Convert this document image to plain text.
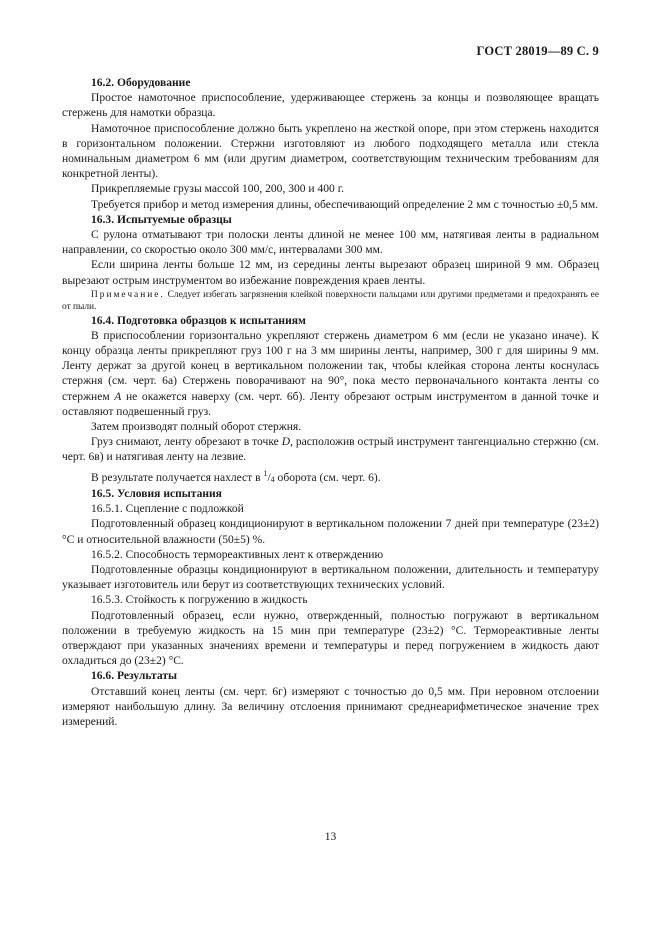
ГОСТ 28019—89 С. 9

16.2. Оборудование

Простое намоточное приспособление, удерживающее стержень за концы и позволяющее вращать стержень для намотки образца.

Намоточное приспособление должно быть укреплено на жесткой опоре, при этом стержень находится в горизонтальном положении. Стержни изготовляют из любого подходящего металла или стекла номинальным диаметром 6 мм (или другим диаметром, соответствующим техническим требованиям для конкретной ленты).

Прикрепляемые грузы массой 100, 200, 300 и 400 г.

Требуется прибор и метод измерения длины, обеспечивающий определение 2 мм с точностью ±0,5 мм.

16.3. Испытуемые образцы

С рулона отматывают три полоски ленты длиной не менее 100 мм, натягивая ленты в радиальном направлении, со скоростью около 300 мм/с, интервалами 300 мм.

Если ширина ленты больше 12 мм, из середины ленты вырезают образец шириной 9 мм. Образец вырезают острым инструментом во избежание повреждения краев ленты.

Примечание. Следует избегать загрязнения клейкой поверхности пальцами или другими предметами и предохранять ее от пыли.

16.4. Подготовка образцов к испытаниям

В приспособлении горизонтально укрепляют стержень диаметром 6 мм (если не указано иначе). К концу образца ленты прикрепляют груз 100 г на 3 мм ширины ленты, например, 300 г для ширины 9 мм. Ленту держат за другой конец в вертикальном положении так, чтобы клейкая сторона ленты коснулась стержня (см. черт. 6а) Стержень поворачивают на 90°, пока место первоначального контакта ленты со стержнем А не окажется наверху (см. черт. 6б). Ленту обрезают острым инструментом в данной точке и оставляют подвешенный груз.

Затем производят полный оборот стержня.

Груз снимают, ленту обрезают в точке D, расположив острый инструмент тангенциально стержню (см. черт. 6в) и натягивая ленту на лезвие.

В результате получается нахлест в $^1/_4$ оборота (см. черт. 6).

16.5. Условия испытания

16.5.1. Сцепление с подложкой

Подготовленный образец кондиционируют в вертикальном положении 7 дней при температуре (23±2) °С и относительной влажности (50±5) %.

16.5.2. Способность термореактивных лент к отверждению

Подготовленные образцы кондиционируют в вертикальном положении, длительность и температуру указывает изготовитель или берут из соответствующих технических условий.

16.5.3. Стойкость к погружению в жидкость

Подготовленный образец, если нужно, отвержденный, полностью погружают в вертикальном положении в требуемую жидкость на 15 мин при температуре (23±2) °С. Термореактивные ленты отверждают при указанных значениях времени и температуры и перед погружением в жидкость дают охладиться до (23±2) °С.

16.6. Результаты

Отставший конец ленты (см. черт. 6г) измеряют с точностью до 0,5 мм. При неровном отслоении измеряют наибольшую длину. За величину отслоения принимают среднеарифметическое значение трех измерений.

13
